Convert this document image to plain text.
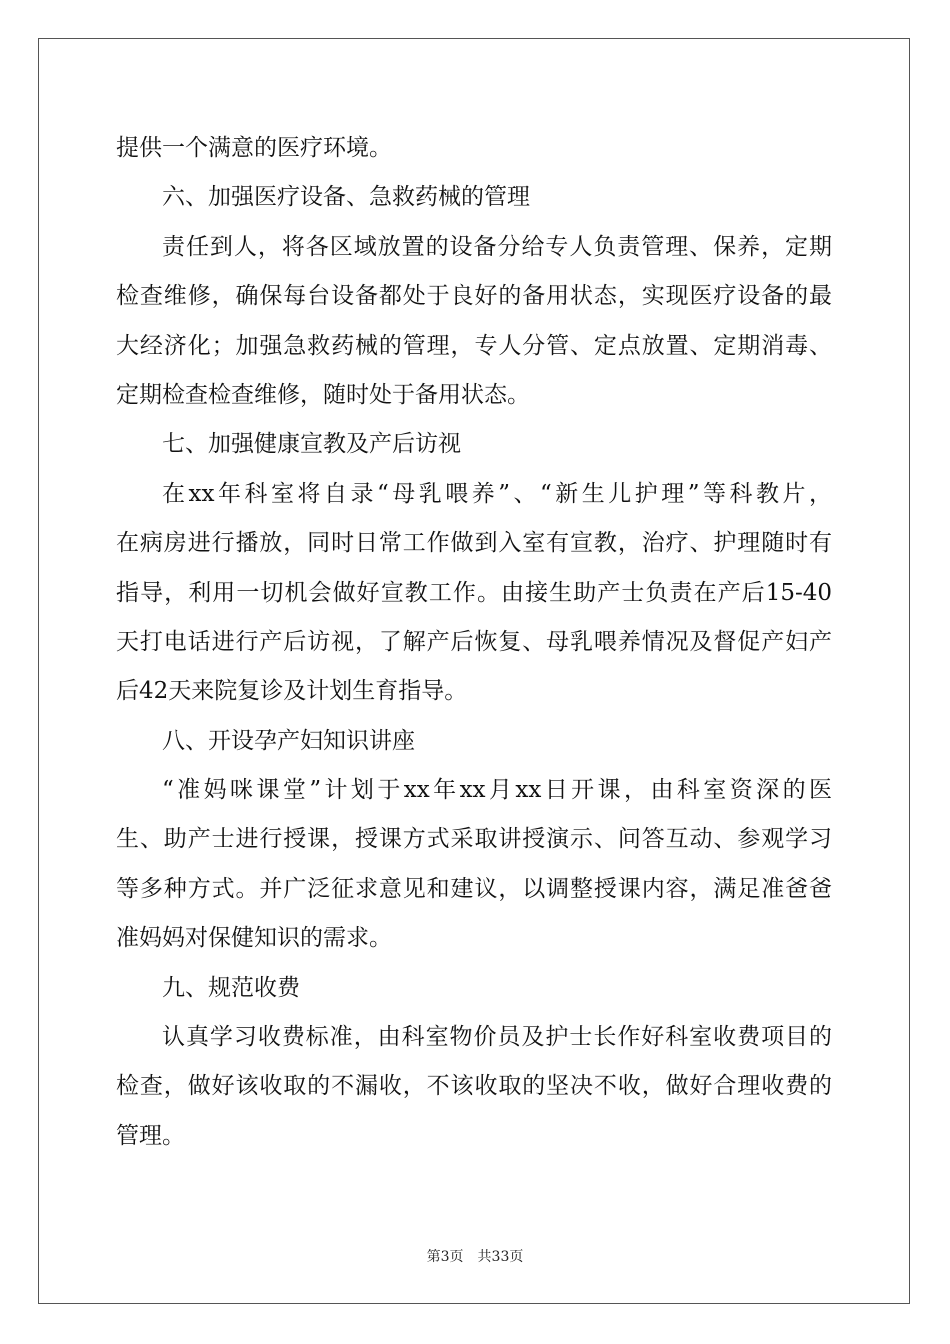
提供一个满意的医疗环境。
六、加强医疗设备、急救药械的管理
责任到人，将各区域放置的设备分给专人负责管理、保养，定期
检查维修，确保每台设备都处于良好的备用状态，实现医疗设备的最
大经济化；加强急救药械的管理，专人分管、定点放置、定期消毒、
定期检查检查维修，随时处于备用状态。
七、加强健康宣教及产后访视
在xx年科室将自录“母乳喂养”、“新生儿护理”等科教片，
在病房进行播放，同时日常工作做到入室有宣教，治疗、护理随时有
指导，利用一切机会做好宣教工作。由接生助产士负责在产后15-40
天打电话进行产后访视，了解产后恢复、母乳喂养情况及督促产妇产
后42天来院复诊及计划生育指导。
八、开设孕产妇知识讲座
“准妈咪课堂”计划于xx年xx月xx日开课，由科室资深的医
生、助产士进行授课，授课方式采取讲授演示、问答互动、参观学习
等多种方式。并广泛征求意见和建议，以调整授课内容，满足准爸爸
准妈妈对保健知识的需求。
九、规范收费
认真学习收费标准，由科室物价员及护士长作好科室收费项目的
检查，做好该收取的不漏收，不该收取的坚决不收，做好合理收费的
管理。
第3页 共33页
